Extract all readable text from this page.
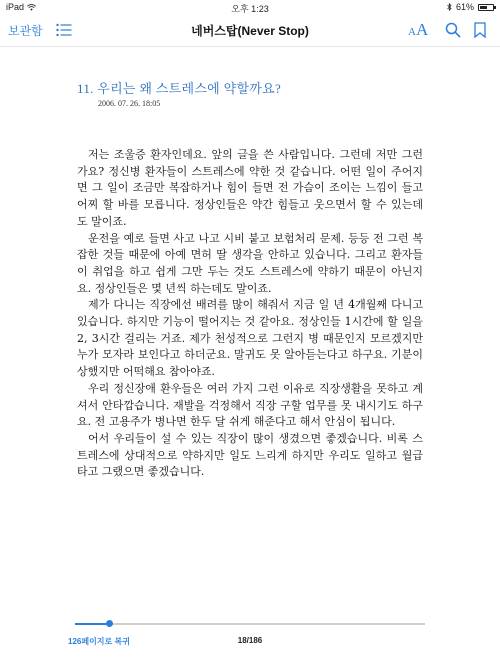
iPad	오후 1:23	61%
보관함	네버스탑(Never Stop)	AA
11. 우리는 왜 스트레스에 약할까요?
2006. 07. 26. 18:05

저는 조울증 환자인데요. 앞의 글을 쓴 사람입니다. 그런데 저만 그런가요? 정신병 환자들이 스트레스에 약한 것 같습니다. 어떤 일이 주어지면 그 일이 조금만 복잡하거나 힘이 들면 전 가슴이 조이는 느낌이 들고 어찌 할 바를 모릅니다. 정상인들은 약간 힘들고 웃으면서 할 수 있는데도 말이죠.

운전을 예로 들면 사고 나고 시비 붙고 보험처리 문제. 등등 전 그런 복잡한 것들 때문에 아예 면허 딸 생각을 안하고 있습니다. 그리고 환자들이 취업을 하고 쉽게 그만 두는 것도 스트레스에 약하기 때문이 아닌지요. 정상인들은 몇 년씩 하는데도 말이죠.

제가 다니는 직장에선 배려를 많이 해줘서 지금 일 년 4개월째 다니고 있습니다. 하지만 기능이 떨어지는 것 같아요. 정상인들 1시간에 할 일을 2, 3시간 걸리는 거죠. 제가 천성적으로 그런지 병 때문인지 모르겠지만 누가 모자라 보인다고 하더군요. 말귀도 못 알아듣는다고 하구요. 기분이 상했지만 어떡해요 참아야죠.

우리 정신장애 환우들은 여러 가지 그런 이유로 직장생활을 못하고 계셔서 안타깝습니다. 재발을 걱정해서 직장 구할 업무를 못 내시기도 하구요. 전 고용주가 병나면 한두 달 쉬게 해준다고 해서 안심이 됩니다.

어서 우리들이 설 수 있는 직장이 많이 생겼으면 좋겠습니다. 비록 스트레스에 상대적으로 약하지만 일도 느리게 하지만 우리도 일하고 월급 타고 그랬으면 좋겠습니다.

126페이지로 복귀	18/186
